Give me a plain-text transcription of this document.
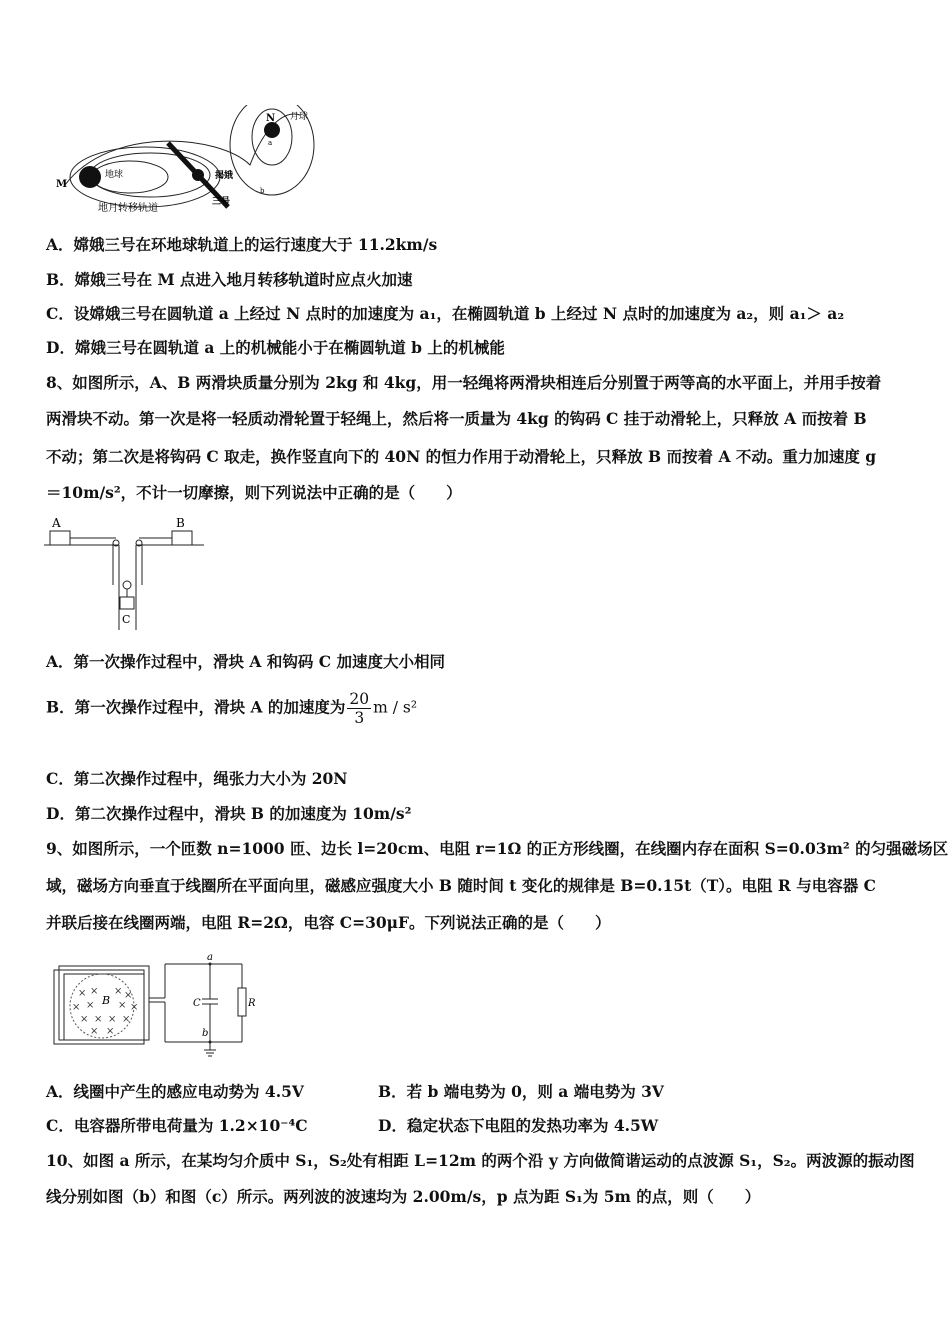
地球
月球
M
N
a
b
揭娥
三号
地月转移轨道
A．嫦娥三号在环地球轨道上的运行速度大于 11.2km/s
B．嫦娥三号在 M 点进入地月转移轨道时应点火加速
C．设嫦娥三号在圆轨道 a 上经过 N 点时的加速度为 a₁，在椭圆轨道 b 上经过 N 点时的加速度为 a₂，则 a₁＞ a₂
D．嫦娥三号在圆轨道 a 上的机械能小于在椭圆轨道 b 上的机械能
8、如图所示，A、B 两滑块质量分别为 2kg 和 4kg，用一轻绳将两滑块相连后分别置于两等高的水平面上，并用手按着
两滑块不动。第一次是将一轻质动滑轮置于轻绳上，然后将一质量为 4kg 的钩码 C 挂于动滑轮上，只释放 A 而按着 B
不动；第二次是将钩码 C 取走，换作竖直向下的 40N 的恒力作用于动滑轮上，只释放 B 而按着 A 不动。重力加速度 g
＝10m/s²，不计一切摩擦，则下列说法中正确的是（　　）
A	B
C
A．第一次操作过程中，滑块 A 和钩码 C 加速度大小相同
B．第一次操作过程中，滑块 A 的加速度为 $\frac{20}{3}$ m / s²
C．第二次操作过程中，绳张力大小为 20N
D．第二次操作过程中，滑块 B 的加速度为 10m/s²
9、如图所示，一个匝数 n=1000 匝、边长 l=20cm、电阻 r=1Ω 的正方形线圈，在线圈内存在面积 S=0.03m² 的匀强磁场区
域，磁场方向垂直于线圈所在平面向里，磁感应强度大小 B 随时间 t 变化的规律是 B=0.15t（T）。电阻 R 与电容器 C
并联后接在线圈两端，电阻 R=2Ω，电容 C=30μF。下列说法正确的是（　　）
× × × ×
× × × ×
× × × ×
× ×
B
a
b
C	R
A．线圈中产生的感应电动势为 4.5V	B．若 b 端电势为 0，则 a 端电势为 3V
C．电容器所带电荷量为 1.2×10⁻⁴C	D．稳定状态下电阻的发热功率为 4.5W
10、如图 a 所示，在某均匀介质中 S₁，S₂处有相距 L=12m 的两个沿 y 方向做简谐运动的点波源 S₁，S₂。两波源的振动图
线分别如图（b）和图（c）所示。两列波的波速均为 2.00m/s，p 点为距 S₁为 5m 的点，则（　　）
